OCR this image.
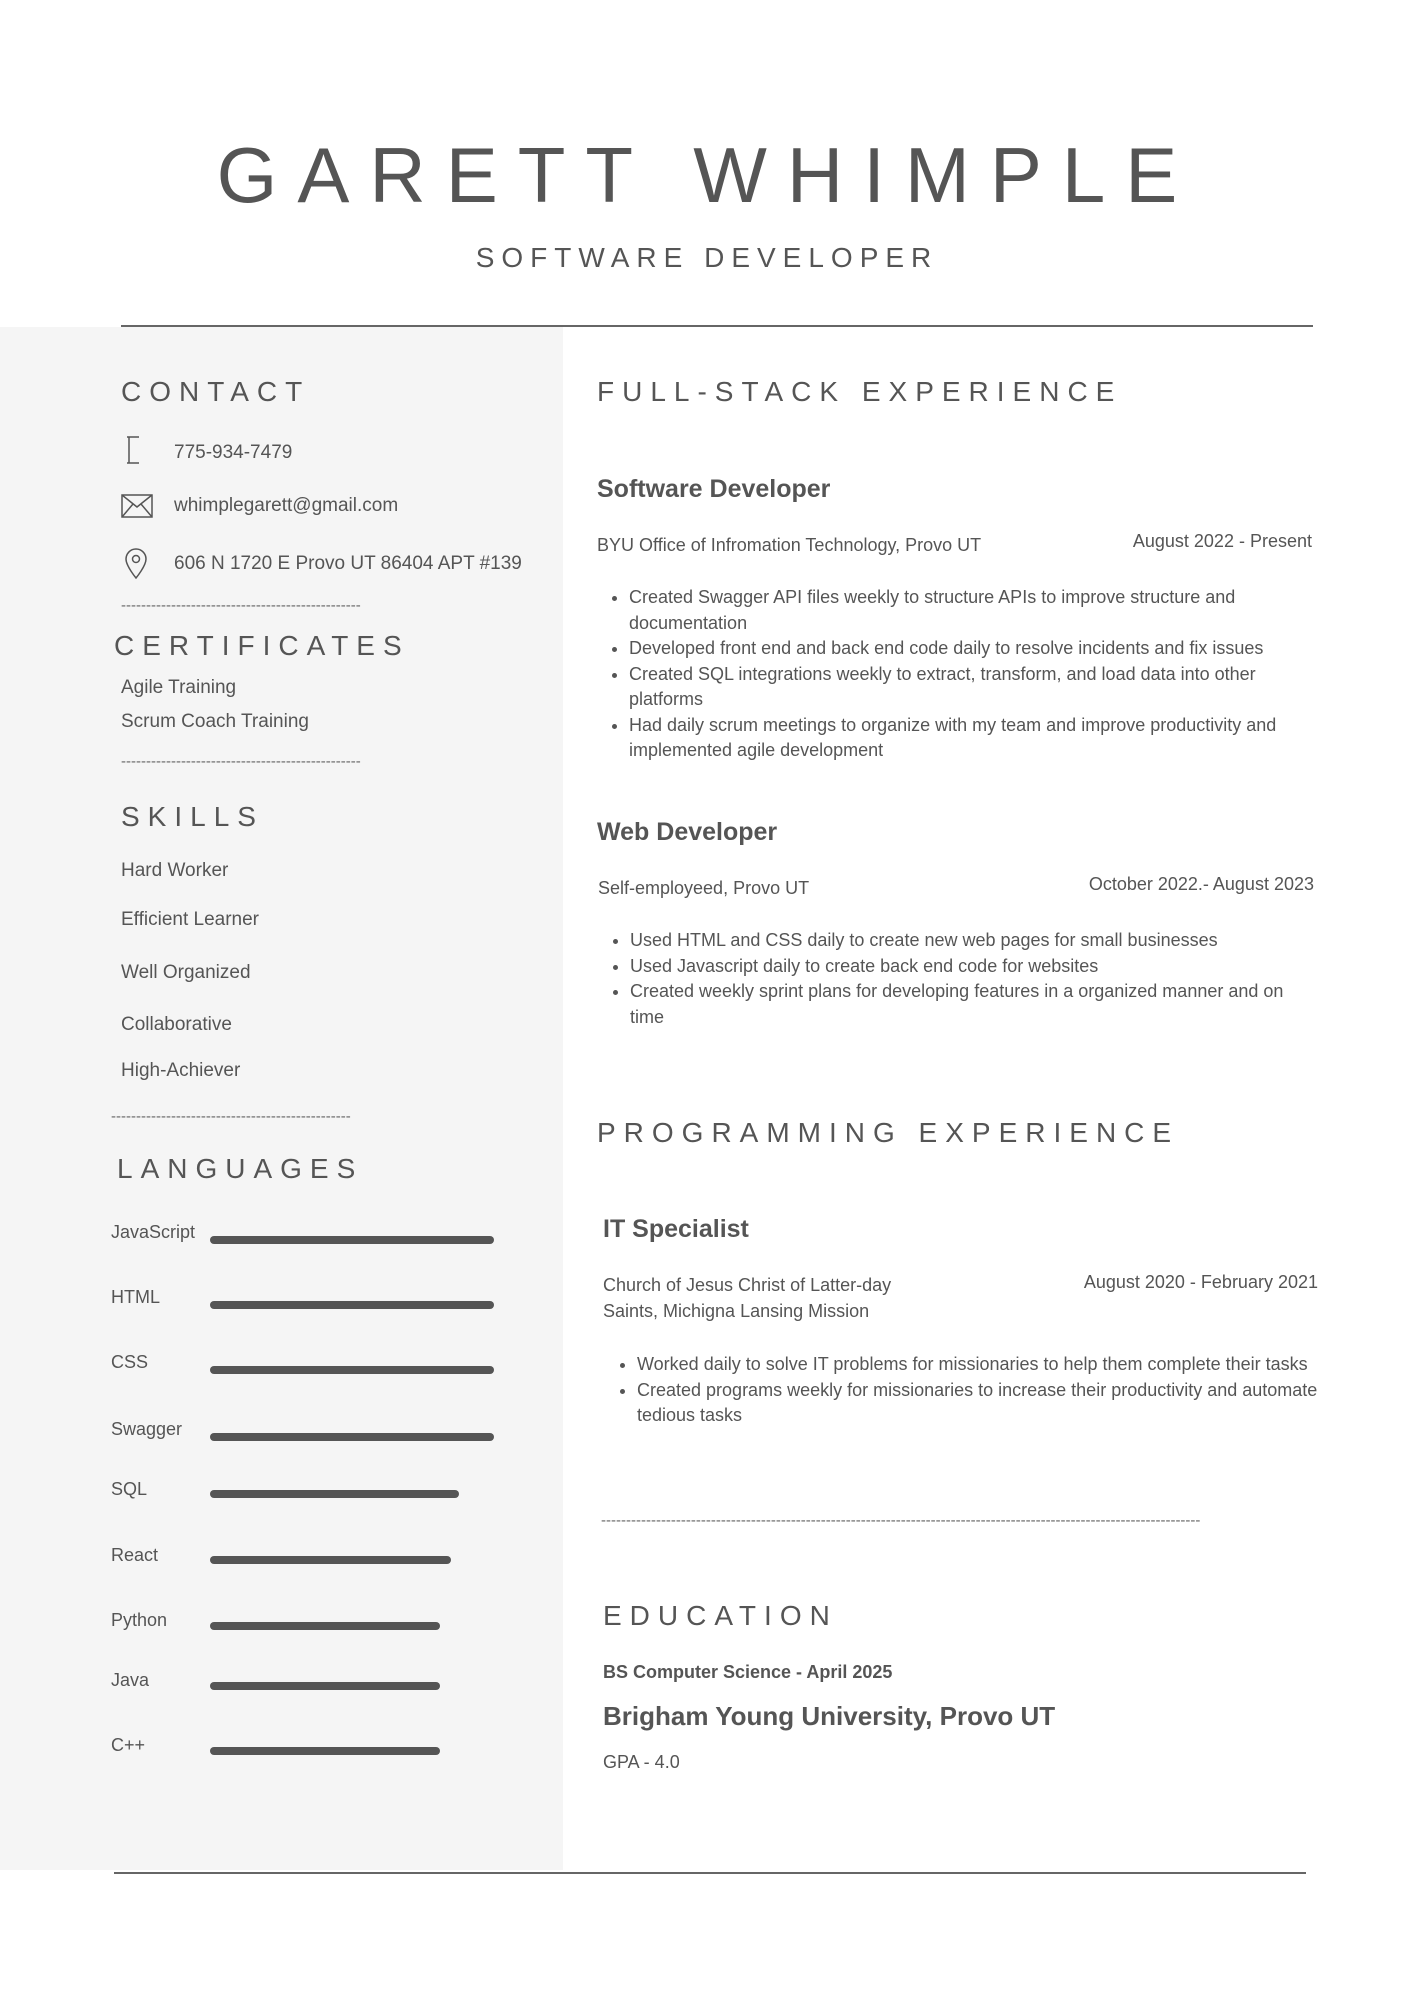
GARETT WHIMPLE
SOFTWARE DEVELOPER
CONTACT
775-934-7479
whimplegarett@gmail.com
606 N 1720 E Provo UT 86404 APT #139
------------------------------------------------
CERTIFICATES
Agile Training
Scrum Coach Training
------------------------------------------------
SKILLS
Hard Worker
Efficient Learner
Well Organized
Collaborative
High-Achiever
------------------------------------------------
LANGUAGES
JavaScript
HTML
CSS
Swagger
SQL
React
Python
Java
C++
FULL-STACK EXPERIENCE
Software Developer
BYU Office of Infromation Technology, Provo UT	August 2022 - Present
• Created Swagger API files weekly to structure APIs to improve structure and documentation
• Developed front end and back end code daily to resolve incidents and fix issues
• Created SQL integrations weekly to extract, transform, and load data into other platforms
• Had daily scrum meetings to organize with my team and improve productivity and implemented agile development
Web Developer
Self-employeed, Provo UT	October 2022.- August 2023
• Used HTML and CSS daily to create new web pages for small businesses
• Used Javascript daily to create back end code for websites
• Created weekly sprint plans for developing features in a organized manner and on time
PROGRAMMING EXPERIENCE
IT Specialist
Church of Jesus Christ of Latter-day
Saints, Michigna Lansing Mission
August 2020 - February 2021
• Worked daily to solve IT problems for missionaries to help them complete their tasks
• Created programs weekly for missionaries to increase their productivity and automate tedious tasks
------------------------------------------------------------------------------------------------------------------------
EDUCATION
BS Computer Science - April 2025
Brigham Young University, Provo UT
GPA - 4.0
